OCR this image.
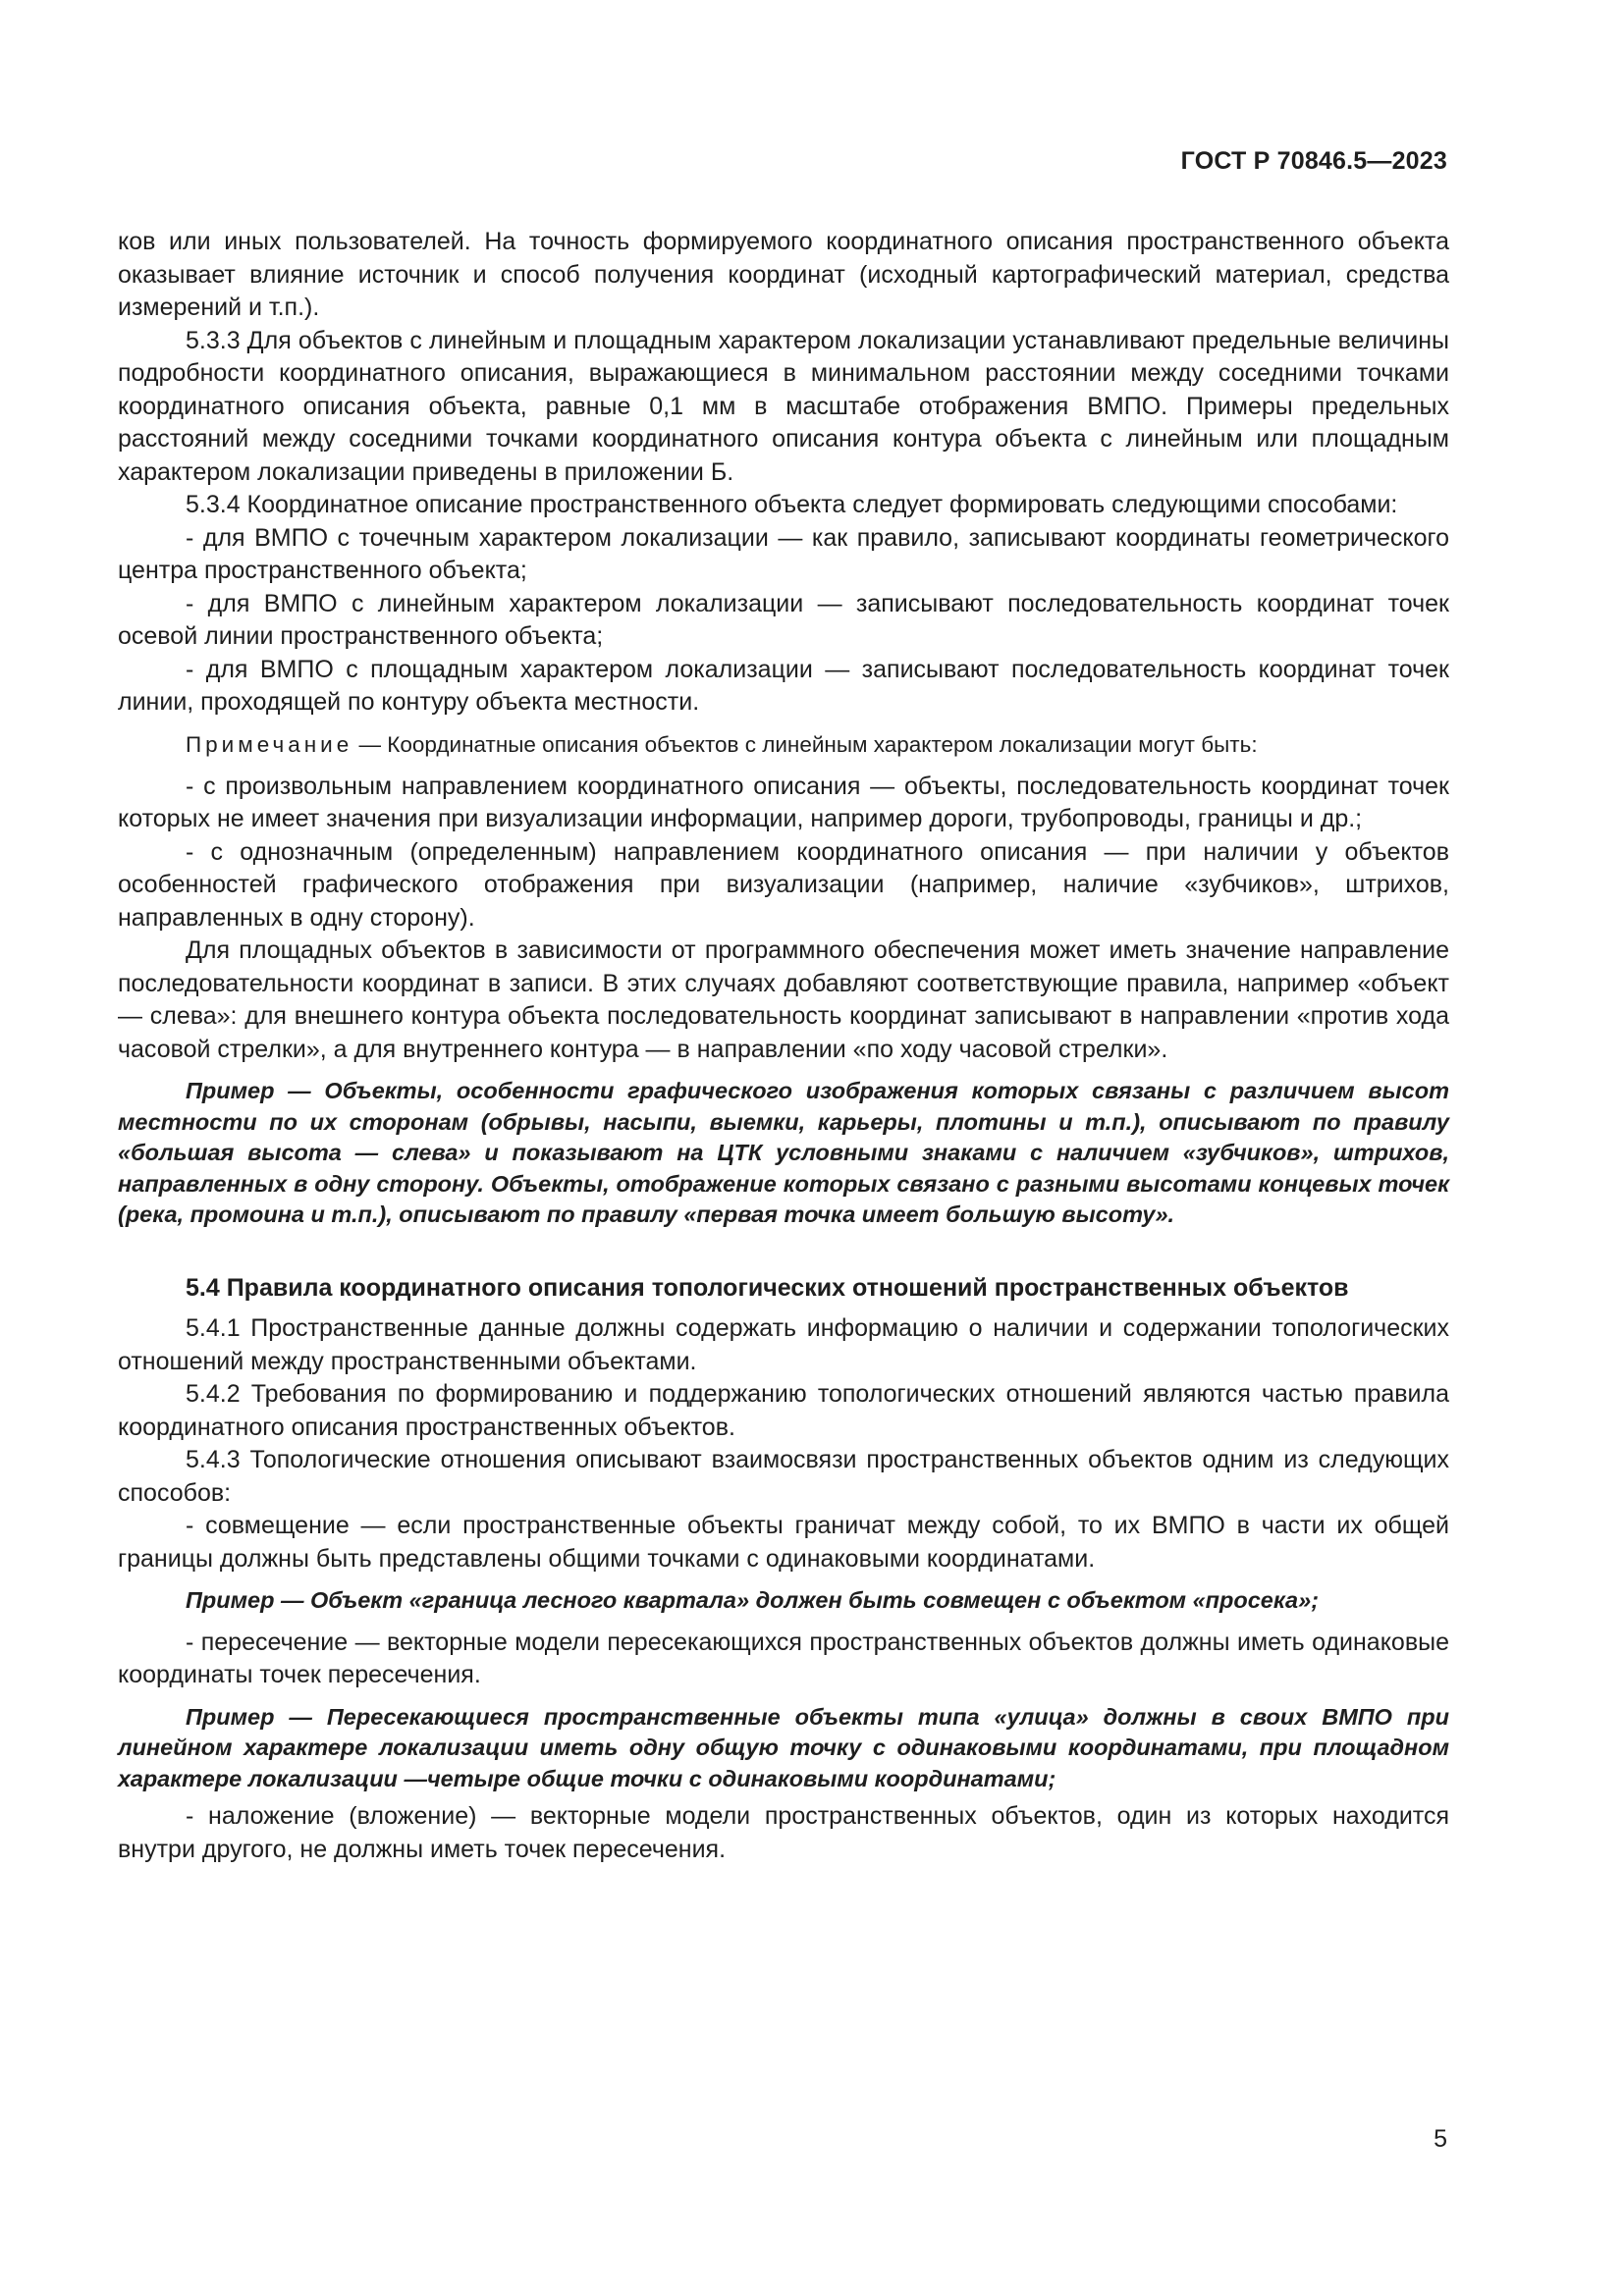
ГОСТ Р 70846.5—2023

ков или иных пользователей. На точность формируемого координатного описания пространственного объекта оказывает влияние источник и способ получения координат (исходный картографический материал, средства измерений и т.п.).

5.3.3 Для объектов с линейным и площадным характером локализации устанавливают предельные величины подробности координатного описания, выражающиеся в минимальном расстоянии между соседними точками координатного описания объекта, равные 0,1 мм в масштабе отображения ВМПО. Примеры предельных расстояний между соседними точками координатного описания контура объекта с линейным или площадным характером локализации приведены в приложении Б.

5.3.4 Координатное описание пространственного объекта следует формировать следующими способами:

- для ВМПО с точечным характером локализации — как правило, записывают координаты геометрического центра пространственного объекта;

- для ВМПО с линейным характером локализации — записывают последовательность координат точек осевой линии пространственного объекта;

- для ВМПО с площадным характером локализации — записывают последовательность координат точек линии, проходящей по контуру объекта местности.

Примечание — Координатные описания объектов с линейным характером локализации могут быть:

- с произвольным направлением координатного описания — объекты, последовательность координат точек которых не имеет значения при визуализации информации, например дороги, трубопроводы, границы и др.;

- с однозначным (определенным) направлением координатного описания — при наличии у объектов особенностей графического отображения при визуализации (например, наличие «зубчиков», штрихов, направленных в одну сторону).

Для площадных объектов в зависимости от программного обеспечения может иметь значение направление последовательности координат в записи. В этих случаях добавляют соответствующие правила, например «объект — слева»: для внешнего контура объекта последовательность координат записывают в направлении «против хода часовой стрелки», а для внутреннего контура — в направлении «по ходу часовой стрелки».

Пример — Объекты, особенности графического изображения которых связаны с различием высот местности по их сторонам (обрывы, насыпи, выемки, карьеры, плотины и т.п.), описывают по правилу «большая высота — слева» и показывают на ЦТК условными знаками с наличием «зубчиков», штрихов, направленных в одну сторону. Объекты, отображение которых связано с разными высотами концевых точек (река, промоина и т.п.), описывают по правилу «первая точка имеет большую высоту».

5.4 Правила координатного описания топологических отношений пространственных объектов

5.4.1 Пространственные данные должны содержать информацию о наличии и содержании топологических отношений между пространственными объектами.

5.4.2 Требования по формированию и поддержанию топологических отношений являются частью правила координатного описания пространственных объектов.

5.4.3 Топологические отношения описывают взаимосвязи пространственных объектов одним из следующих способов:

- совмещение — если пространственные объекты граничат между собой, то их ВМПО в части их общей границы должны быть представлены общими точками с одинаковыми координатами.

Пример — Объект «граница лесного квартала» должен быть совмещен с объектом «просека»;

- пересечение — векторные модели пересекающихся пространственных объектов должны иметь одинаковые координаты точек пересечения.

Пример — Пересекающиеся пространственные объекты типа «улица» должны в своих ВМПО при линейном характере локализации иметь одну общую точку с одинаковыми координатами, при площадном характере локализации —четыре общие точки с одинаковыми координатами;

- наложение (вложение) — векторные модели пространственных объектов, один из которых находится внутри другого, не должны иметь точек пересечения.

5
